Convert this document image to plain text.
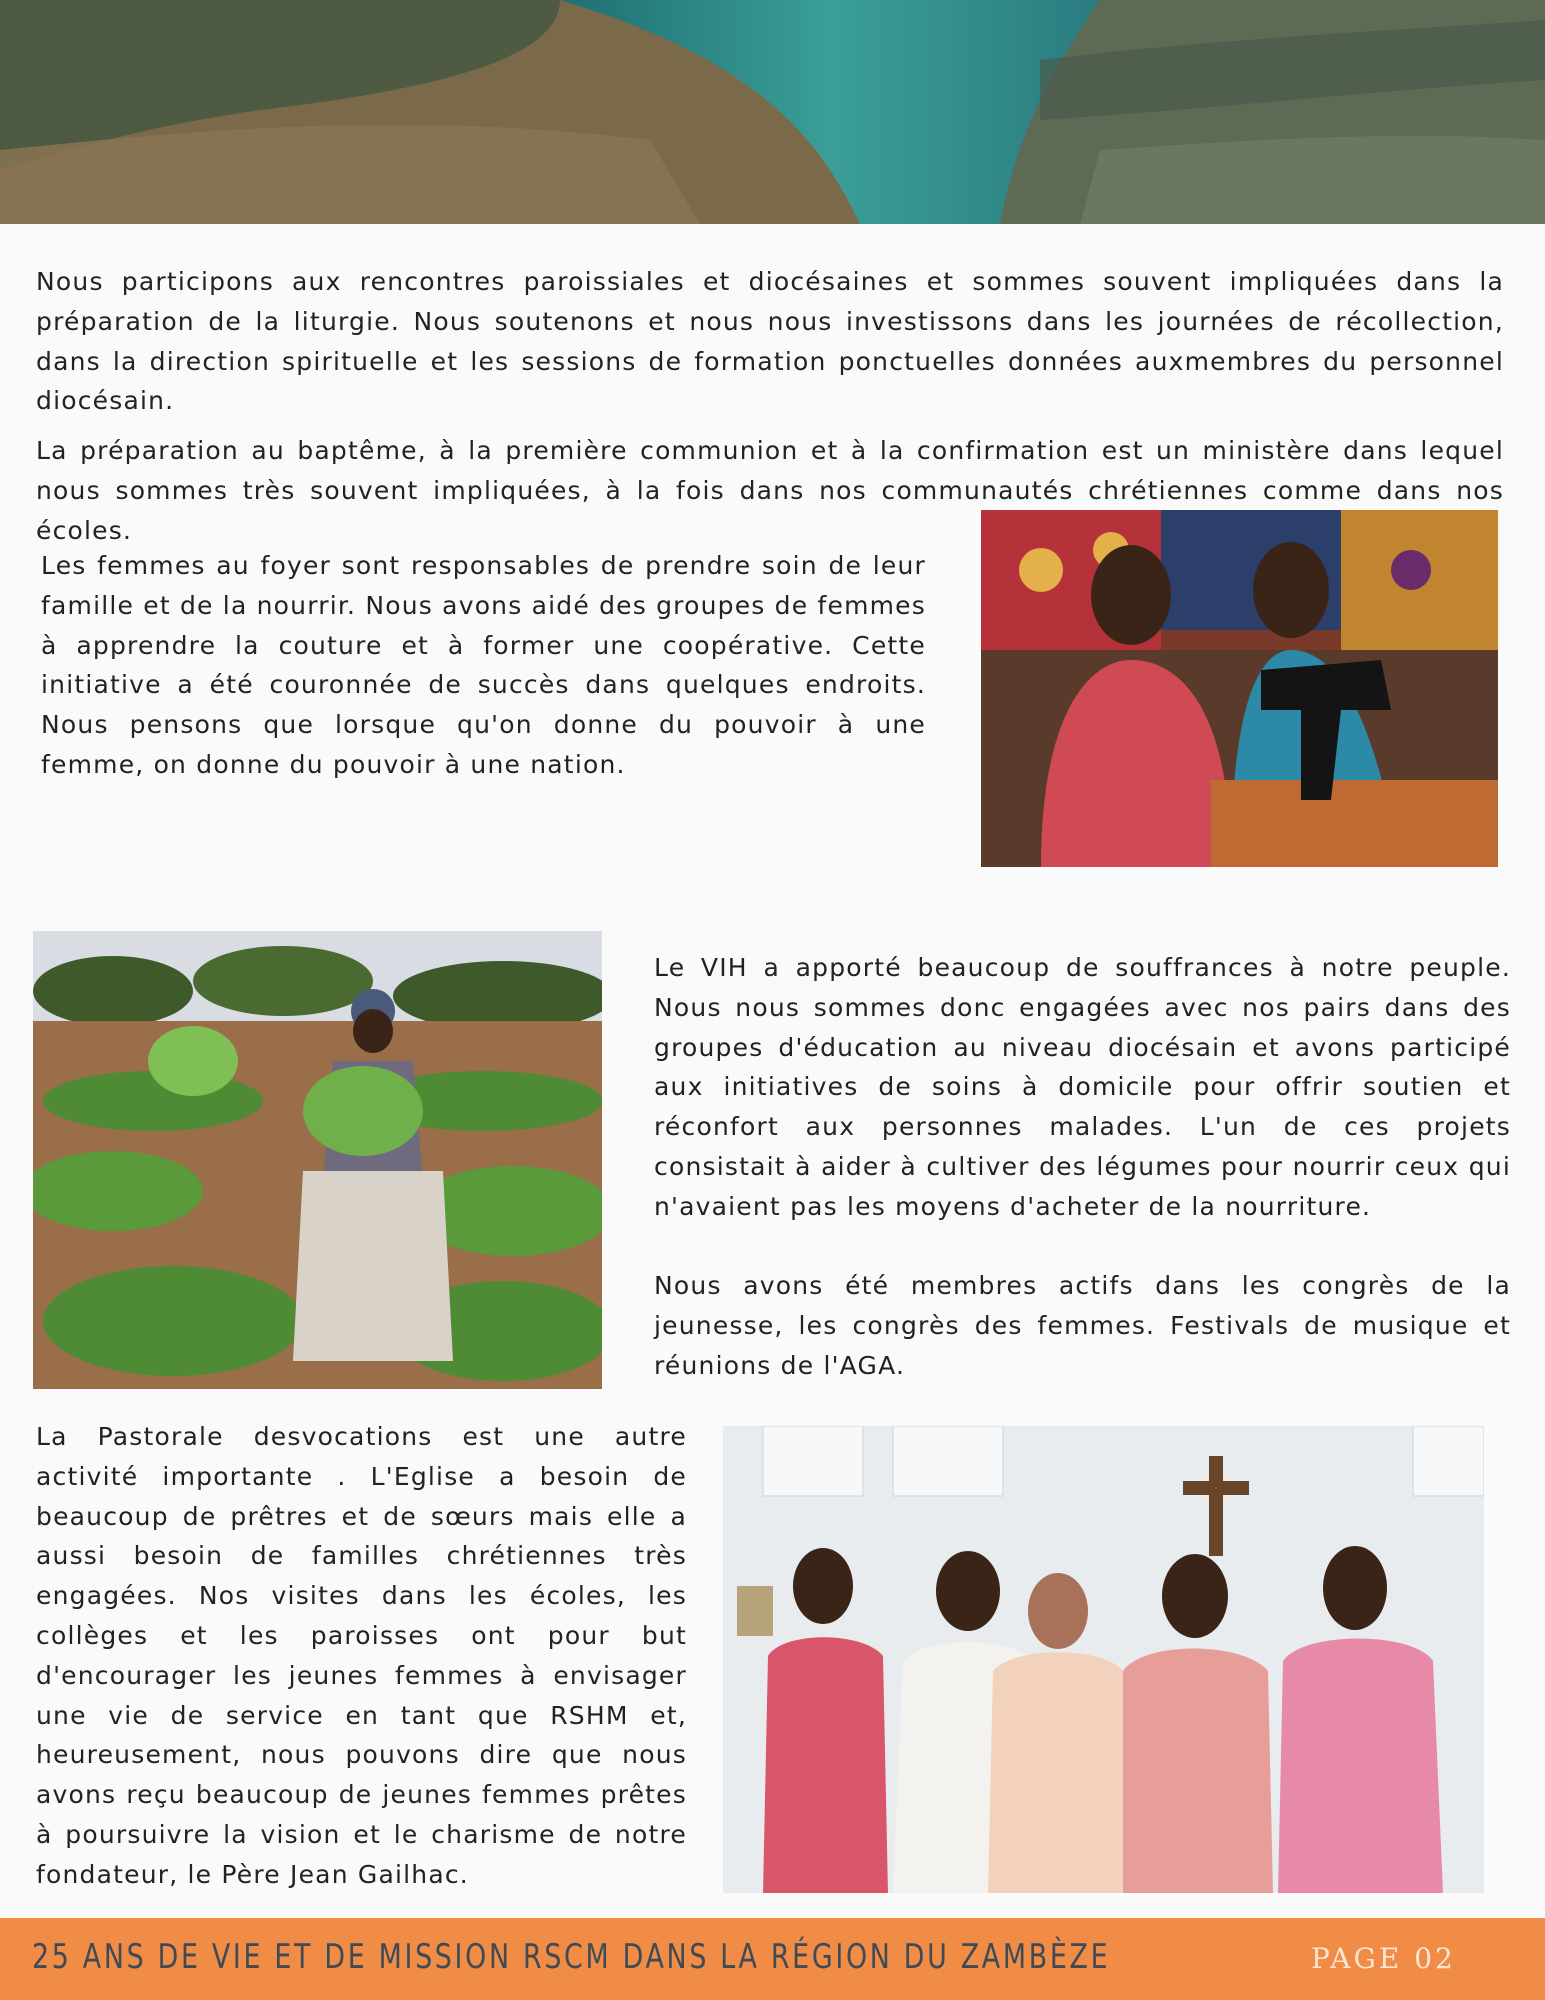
Nous participons aux rencontres paroissiales et diocésaines et sommes souvent impliquées dans la préparation de la liturgie. Nous soutenons et nous nous investissons dans les journées de récollection, dans la direction spirituelle et les sessions de formation ponctuelles données auxmembres du personnel diocésain.

La préparation au baptême, à la première communion et à la confirmation est un ministère dans lequel nous sommes très souvent impliquées, à la fois dans nos communautés chrétiennes comme dans nos écoles.

Les femmes au foyer sont responsables de prendre soin de leur famille et de la nourrir. Nous avons aidé des groupes de femmes à apprendre la couture et à former une coopérative. Cette initiative a été couronnée de succès dans quelques endroits. Nous pensons que lorsque qu'on donne du pouvoir à une femme, on donne du pouvoir à une nation.

Le VIH a apporté beaucoup de souffrances à notre peuple. Nous nous sommes donc engagées avec nos pairs dans des groupes d'éducation au niveau diocésain et avons participé aux initiatives de soins à domicile pour offrir soutien et réconfort aux personnes malades. L'un de ces projets consistait à aider à cultiver des légumes pour nourrir ceux qui n'avaient pas les moyens d'acheter de la nourriture.

Nous avons été membres actifs dans les congrès de la jeunesse, les congrès des femmes. Festivals de musique et réunions de l'AGA.

La Pastorale desvocations est une autre activité importante . L'Eglise a besoin de beaucoup de prêtres et de sœurs mais elle a aussi besoin de familles chrétiennes très engagées. Nos visites dans les écoles, les collèges et les paroisses ont pour but d'encourager les jeunes femmes à envisager une vie de service en tant que RSHM et, heureusement, nous pouvons dire que nous avons reçu beaucoup de jeunes femmes prêtes à poursuivre la vision et le charisme de notre fondateur, le Père Jean Gailhac.

25 ANS DE VIE ET DE MISSION RSCM DANS LA RÉGION DU ZAMBÈZE	PAGE 02
